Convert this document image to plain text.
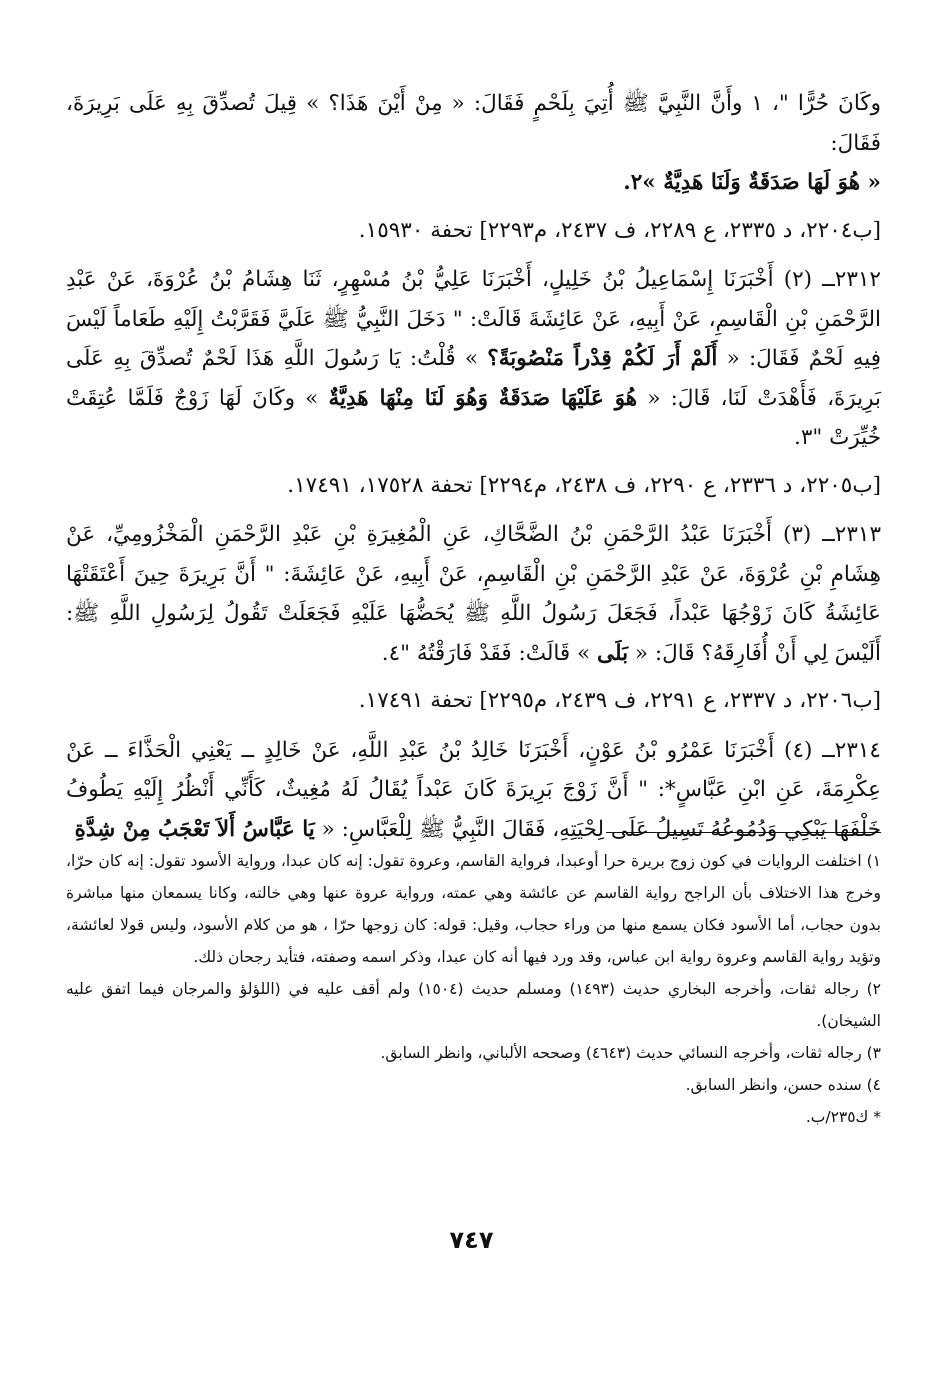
وكَانَ حُرًّا "، ١ وأَنَّ النَّبِيَّ ﷺ أُتِيَ بِلَحْمٍ فَقَالَ: « مِنْ أَيْنَ هَذَا؟ » قِيلَ تُصدِّقَ بِهِ عَلَى بَرِيرَةَ، فَقَالَ:
« هُوَ لَهَا صَدَقَةٌ وَلَنَا هَدِيَّةٌ »٢.

[ب٢٢٠٤، د ٢٣٣٥، ع ٢٢٨٩، ف ٢٤٣٧، م٢٢٩٣] تحفة ١٥٩٣٠.

٢٣١٢ــ (٢) أَخْبَرَنَا إِسْمَاعِيلُ بْنُ خَلِيلٍ، أَخْبَرَنَا عَلِيُّ بْنُ مُسْهِرٍ، ثَنَا هِشَامُ بْنُ عُرْوَةَ، عَنْ عَبْدِ الرَّحْمَنِ بْنِ الْقَاسِمِ، عَنْ أَبِيهِ، عَنْ عَائِشَةَ قَالَتْ: " دَخَلَ النَّبِيُّ ﷺ عَلَيَّ فَقَرَّبْتُ إِلَيْهِ طَعَاماً لَيْسَ فِيهِ لَحْمٌ فَقَالَ: « أَلَمْ أَرَ لَكُمْ قِدْراً مَنْصُوبَةً؟ » قُلْتُ: يَا رَسُولَ اللَّهِ هَذَا لَحْمٌ تُصدِّقَ بِهِ عَلَى بَرِيرَةَ، فَأَهْدَتْ لَنَا، قَالَ: « هُوَ عَلَيْهَا صَدَقَةٌ وَهُوَ لَنَا مِنْهَا هَدِيَّةٌ » وكَانَ لَهَا زَوْجٌ فَلَمَّا عُتِقَتْ خُيِّرَتْ "٣.

[ب٢٢٠٥، د ٢٣٣٦، ع ٢٢٩٠، ف ٢٤٣٨، م٢٢٩٤] تحفة ١٧٥٢٨، ١٧٤٩١.

٢٣١٣ــ (٣) أَخْبَرَنَا عَبْدُ الرَّحْمَنِ بْنُ الضَّحَّاكِ، عَنِ الْمُغِيرَةِ بْنِ عَبْدِ الرَّحْمَنِ الْمَخْزُومِيِّ، عَنْ هِشَامِ بْنِ عُرْوَةَ، عَنْ عَبْدِ الرَّحْمَنِ بْنِ الْقَاسِمِ، عَنْ أَبِيهِ، عَنْ عَائِشَةَ: " أَنَّ بَرِيرَةَ حِينَ أَعْتَقَتْهَا عَائِشَةُ كَانَ زَوْجُهَا عَبْداً، فَجَعَلَ رَسُولُ اللَّهِ ﷺ يُحَضُّهَا عَلَيْهِ فَجَعَلَتْ تَقُولُ لِرَسُولِ اللَّهِ ﷺ: أَلَيْسَ لِي أَنْ أُفَارِقَهُ؟ قَالَ: « بَلَى » قَالَتْ: فَقَدْ فَارَقْتُهُ "٤.

[ب٢٢٠٦، د ٢٣٣٧، ع ٢٢٩١، ف ٢٤٣٩، م٢٢٩٥] تحفة ١٧٤٩١.

٢٣١٤ــ (٤) أَخْبَرَنَا عَمْرُو بْنُ عَوْنٍ، أَخْبَرَنَا خَالِدُ بْنُ عَبْدِ اللَّهِ، عَنْ خَالِدٍ ــ يَعْنِي الْحَذَّاءَ ــ عَنْ عِكْرِمَةَ، عَنِ ابْنِ عَبَّاسٍ*: " أَنَّ زَوْجَ بَرِيرَةَ كَانَ عَبْداً يُقَالُ لَهُ مُغِيثٌ، كَأَنِّي أَنْظُرُ إِلَيْهِ يَطُوفُ خَلْفَهَا يَبْكِي وَدُمُوعُهُ تَسِيلُ عَلَى لِحْيَتِهِ، فَقَالَ النَّبِيُّ ﷺ لِلْعَبَّاسِ: « يَا عَبَّاسُ أَلاَ تَعْجَبُ مِنْ شِدَّةِ

١) اختلفت الروايات في كون زوج بريرة حرا أوعبدا، فرواية القاسم، وعروة تقول: إنه كان عبدا، ورواية الأسود تقول: إنه كان حرّا، وخرج هذا الاختلاف بأن الراجح رواية القاسم عن عائشة وهي عمته، ورواية عروة عنها وهي خالته، وكانا يسمعان منها مباشرة بدون حجاب، أما الأسود فكان يسمع منها من وراء حجاب، وقيل: قوله: كان زوجها حرّا ، هو من كلام الأسود، وليس قولا لعائشة، وتؤيد رواية القاسم وعروة رواية ابن عباس، وقد ورد فيها أنه كان عبدا، وذكر اسمه وصفته، فتأيد رجحان ذلك.

٢) رجاله ثقات، وأخرجه البخاري حديث (١٤٩٣) ومسلم حديث (١٥٠٤) ولم أقف عليه في (اللؤلؤ والمرجان فيما اتفق عليه الشيخان).

٣) رجاله ثقات، وأخرجه النسائي حديث (٤٦٤٣) وصححه الألباني، وانظر السابق.

٤) سنده حسن، وانظر السابق.

* ك٢٣٥/ب.

٧٤٧
